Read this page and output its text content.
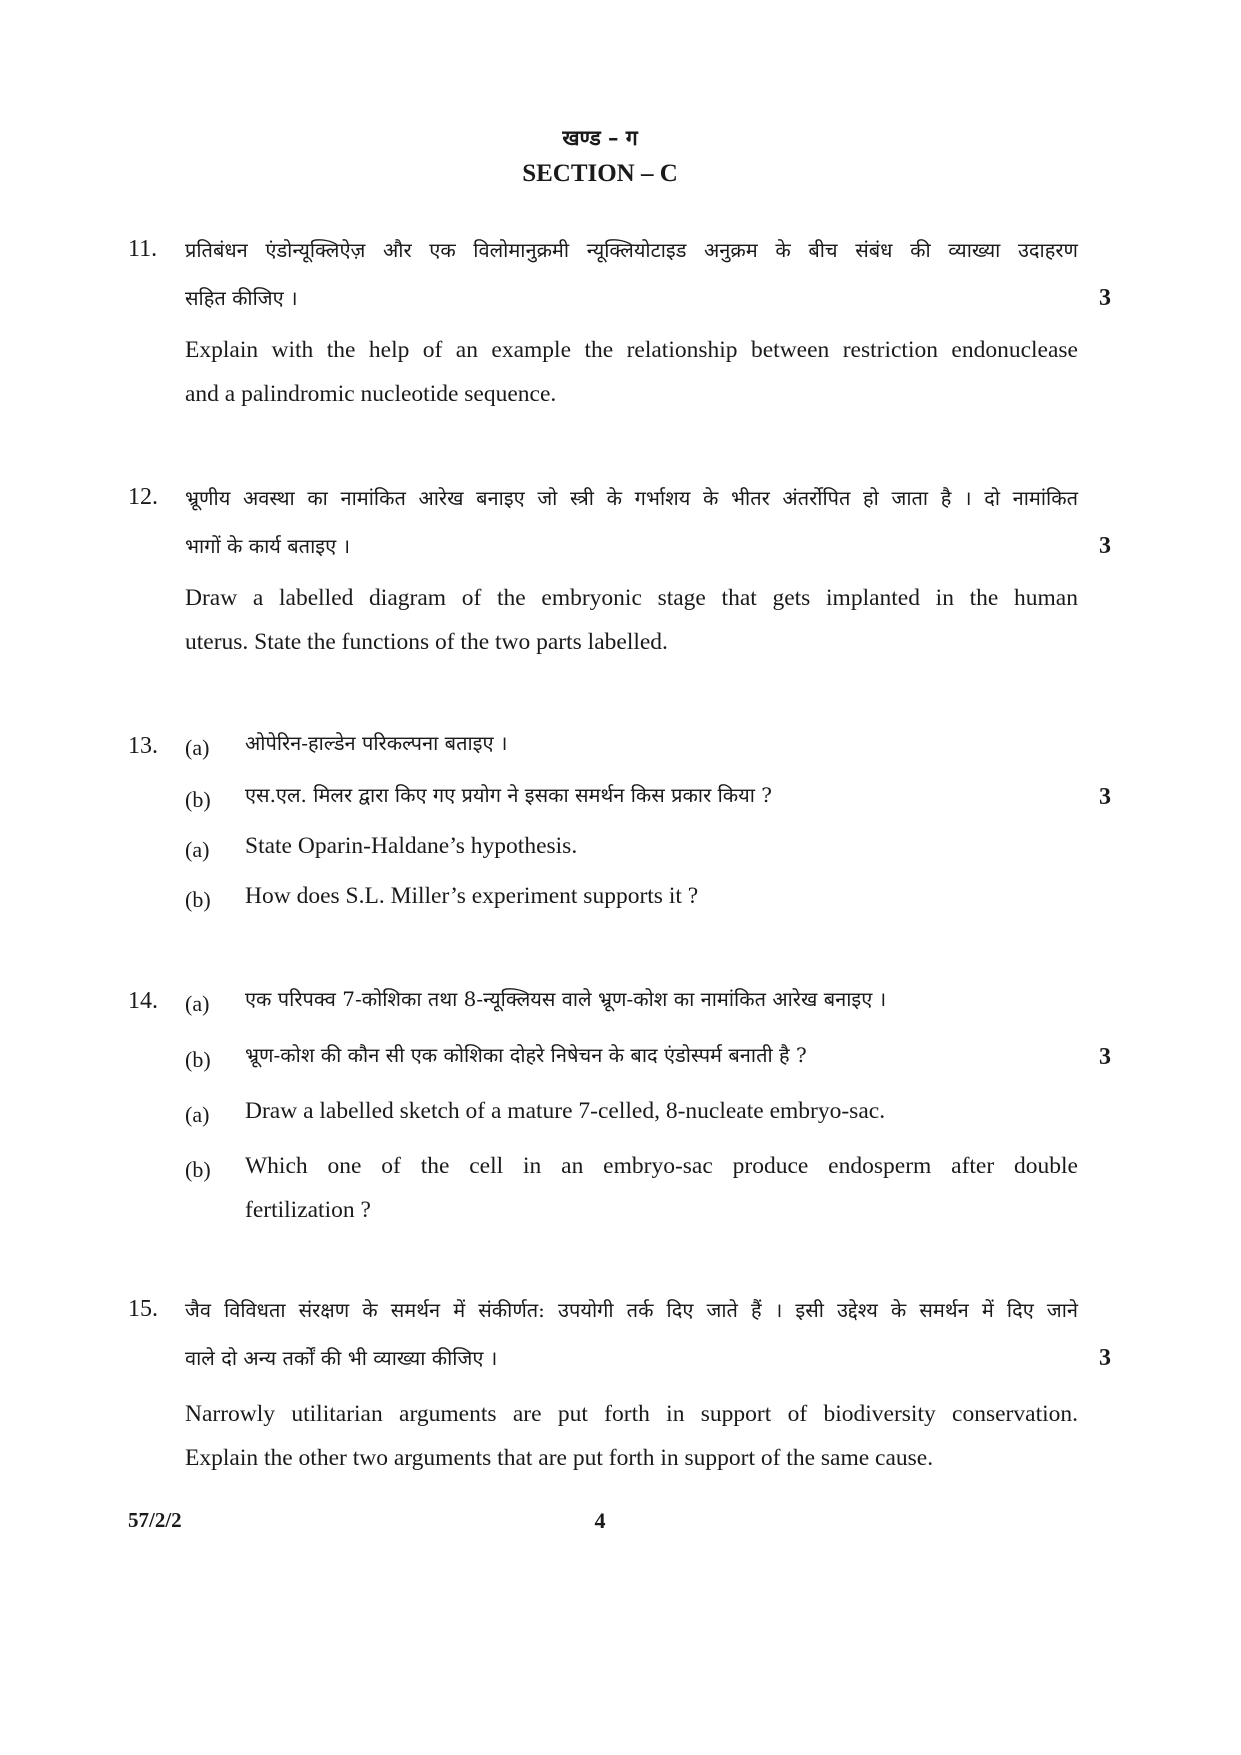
खण्ड – ग
SECTION – C
11. प्रतिबंधन एंडोन्यूक्लिऐज़ और एक विलोमानुक्रमी न्यूक्लियोटाइड अनुक्रम के बीच संबंध की व्याख्या उदाहरण
सहित कीजिए ।	3
Explain with the help of an example the relationship between restriction endonuclease
and a palindromic nucleotide sequence.
12. भ्रूणीय अवस्था का नामांकित आरेख बनाइए जो स्त्री के गर्भाशय के भीतर अंतर्रोपित हो जाता है । दो नामांकित
भागों के कार्य बताइए ।	3
Draw a labelled diagram of the embryonic stage that gets implanted in the human
uterus. State the functions of the two parts labelled.
13. (a) ओपेरिन-हाल्डेन परिकल्पना बताइए ।
(b) एस.एल. मिलर द्वारा किए गए प्रयोग ने इसका समर्थन किस प्रकार किया ?	3
(a) State Oparin-Haldane’s hypothesis.
(b) How does S.L. Miller’s experiment supports it ?
14. (a) एक परिपक्व 7-कोशिका तथा 8-न्यूक्लियस वाले भ्रूण-कोश का नामांकित आरेख बनाइए ।
(b) भ्रूण-कोश की कौन सी एक कोशिका दोहरे निषेचन के बाद एंडोस्पर्म बनाती है ?	3
(a) Draw a labelled sketch of a mature 7-celled, 8-nucleate embryo-sac.
(b) Which one of the cell in an embryo-sac produce endosperm after double
fertilization ?
15. जैव विविधता संरक्षण के समर्थन में संकीर्णत: उपयोगी तर्क दिए जाते हैं । इसी उद्देश्य के समर्थन में दिए जाने
वाले दो अन्य तर्कों की भी व्याख्या कीजिए ।	3
Narrowly utilitarian arguments are put forth in support of biodiversity conservation.
Explain the other two arguments that are put forth in support of the same cause.
57/2/2	4
